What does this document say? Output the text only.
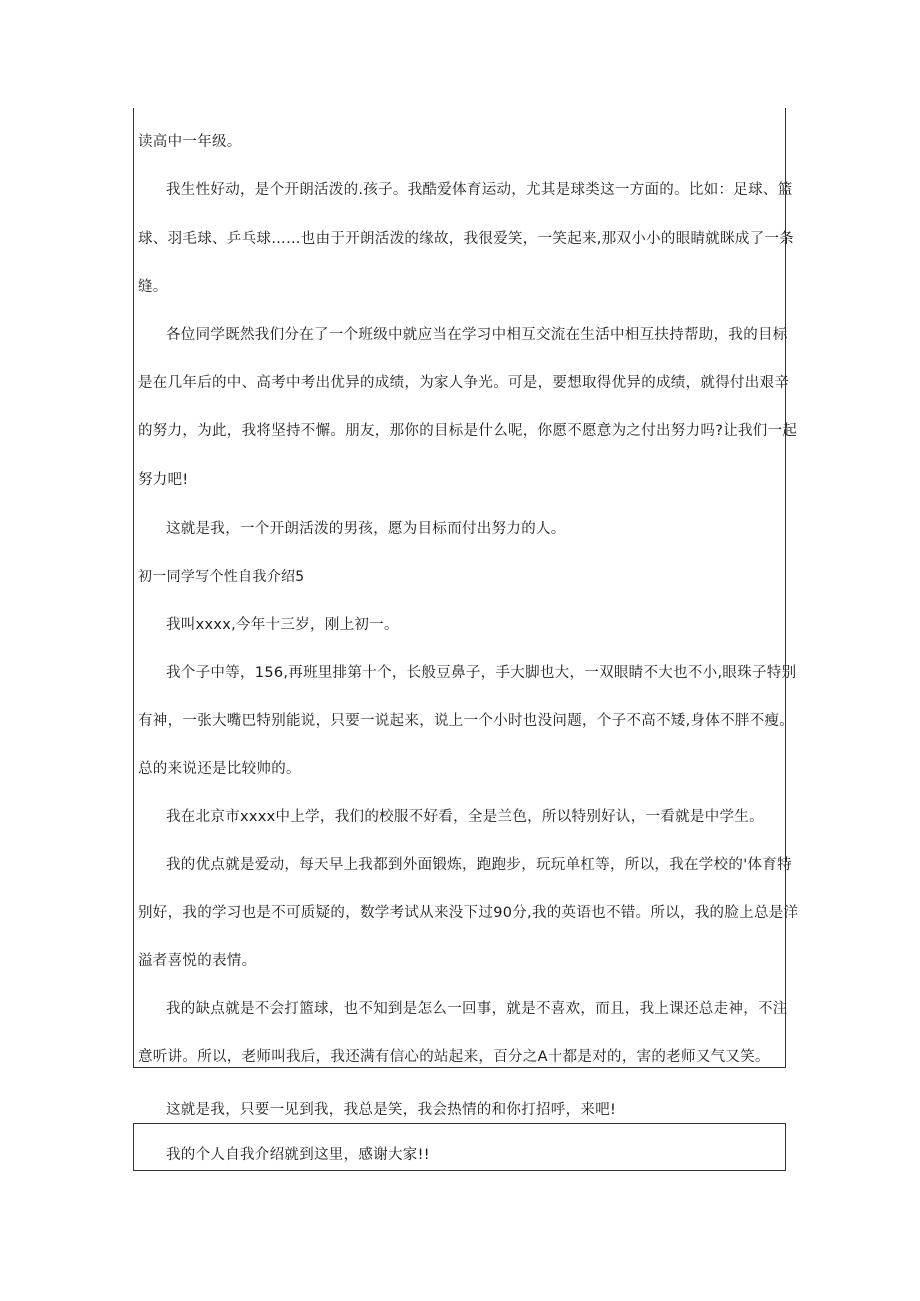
读高中一年级。
我生性好动，是个开朗活泼的.孩子。我酷爱体育运动，尤其是球类这一方面的。比如：足球、篮
球、羽毛球、乒乓球……也由于开朗活泼的缘故，我很爱笑，一笑起来,那双小小的眼睛就眯成了一条
缝。
各位同学既然我们分在了一个班级中就应当在学习中相互交流在生活中相互扶持帮助，我的目标
是在几年后的中、高考中考出优异的成绩，为家人争光。可是，要想取得优异的成绩，就得付出艰辛
的努力，为此，我将坚持不懈。朋友，那你的目标是什么呢，你愿不愿意为之付出努力吗?让我们一起
努力吧!
这就是我，一个开朗活泼的男孩，愿为目标而付出努力的人。
初一同学写个性自我介绍5
我叫xxxx,今年十三岁，刚上初一。
我个子中等，156,再班里排第十个，长般豆鼻子，手大脚也大，一双眼睛不大也不小,眼珠子特别
有神，一张大嘴巴特别能说，只要一说起来，说上一个小时也没问题，个子不高不矮,身体不胖不瘦。
总的来说还是比较帅的。
我在北京市xxxx中上学，我们的校服不好看，全是兰色，所以特别好认，一看就是中学生。
我的优点就是爱动，每天早上我都到外面锻炼，跑跑步，玩玩单杠等，所以，我在学校的'体育特
别好，我的学习也是不可质疑的，数学考试从来没下过90分,我的英语也不错。所以，我的脸上总是洋
溢者喜悦的表情。
我的缺点就是不会打篮球，也不知到是怎么一回事，就是不喜欢，而且，我上课还总走神，不注
意听讲。所以，老师叫我后，我还满有信心的站起来，百分之A十都是对的，害的老师又气又笑。
这就是我，只要一见到我，我总是笑，我会热情的和你打招呼，来吧!
我的个人自我介绍就到这里，感谢大家!!
